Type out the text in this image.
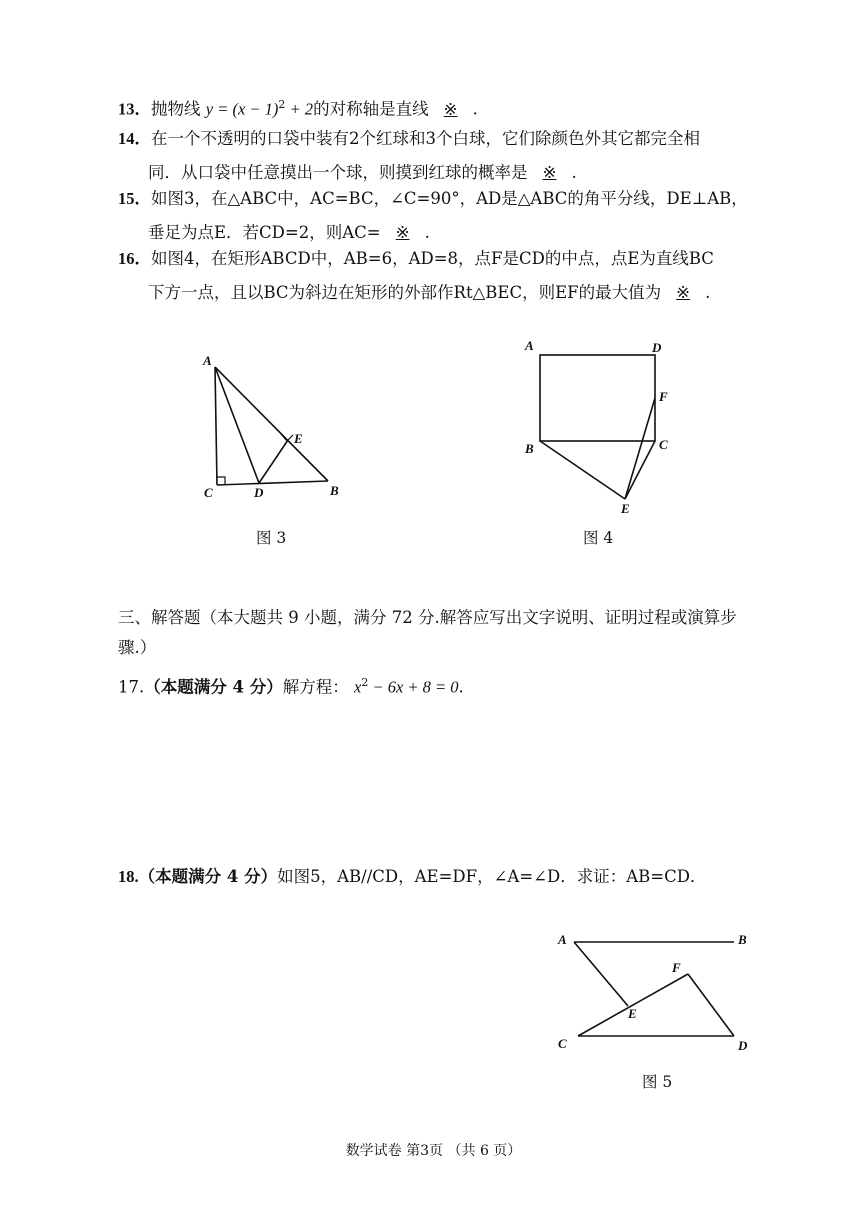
13．抛物线 $y = (x - 1)^2 + 2$的对称轴是直线 ※ .
14．在一个不透明的口袋中装有2个红球和3个白球，它们除颜色外其它都完全相
同．从口袋中任意摸出一个球，则摸到红球的概率是 ※ .
15．如图3，在△ABC中，AC=BC，∠C=90°，AD是△ABC的角平分线，DE⊥AB，
垂足为点E．若CD=2，则AC= ※ .
16．如图4，在矩形ABCD中，AB=6，AD=8，点F是CD的中点，点E为直线BC
下方一点，且以BC为斜边在矩形的外部作Rt△BEC，则EF的最大值为 ※ .
A
C	D	B
E
图 3
A	D
F
B	C
E
图 4
三、解答题（本大题共 9 小题，满分 72 分.解答应写出文字说明、证明过程或演算步
骤.）
17.（本题满分 4 分）解方程： $x^2 - 6x + 8 = 0$.
18.（本题满分 4 分）如图5，AB//CD，AE=DF，∠A=∠D．求证：AB=CD．
A	B
F
E
C	D
图 5
数学试卷 第3页 （共 6 页）
